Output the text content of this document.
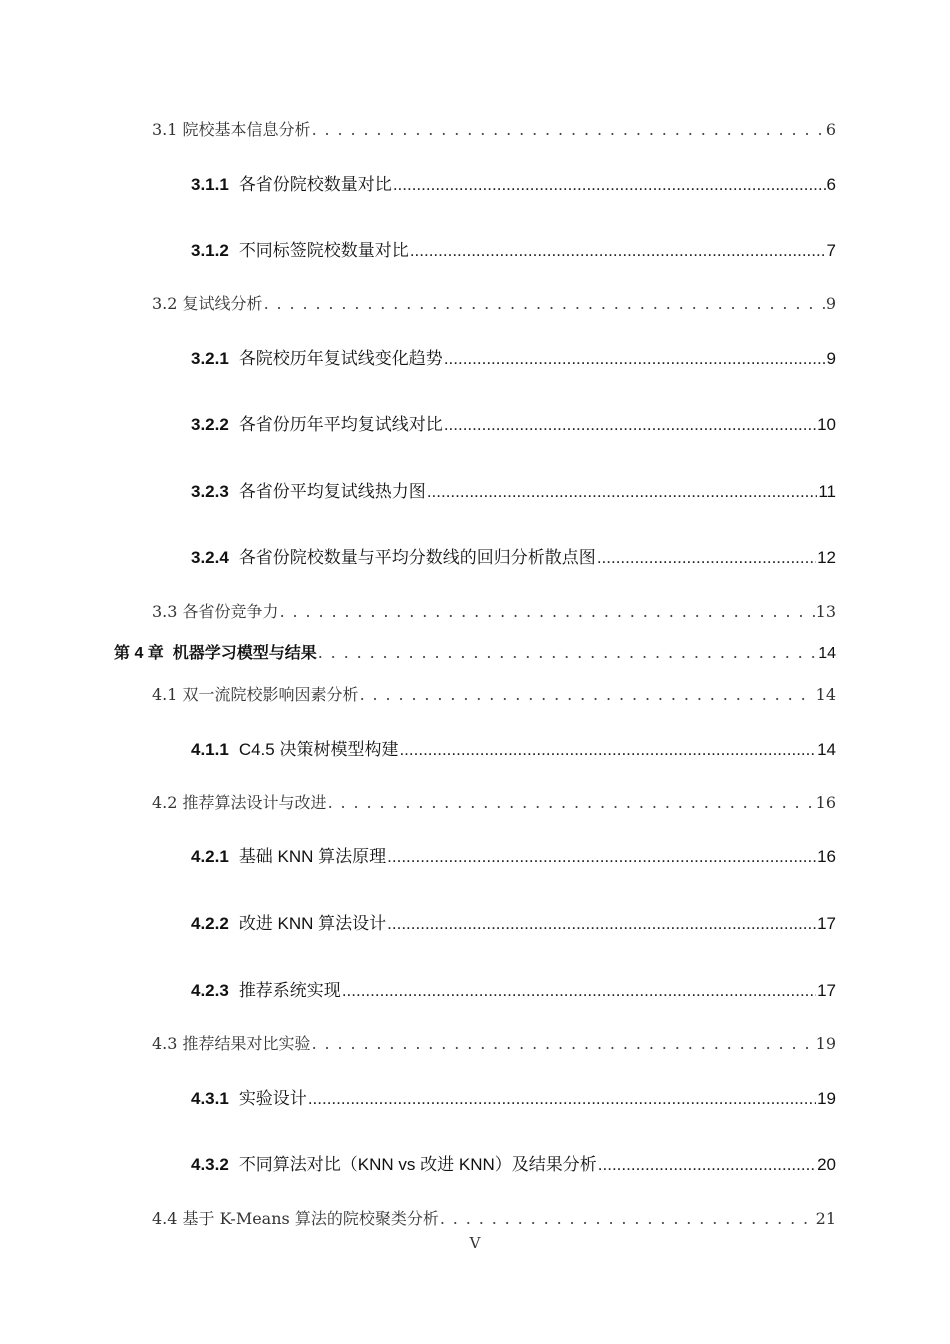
3.1 院校基本信息分析 . . .	6
3.1.1 各省份院校数量对比 .....	6
3.1.2 不同标签院校数量对比 .....	7
3.2 复试线分析 . . .	9
3.2.1 各院校历年复试线变化趋势 .....	9
3.2.2 各省份历年平均复试线对比 .....	10
3.2.3 各省份平均复试线热力图 .....	11
3.2.4 各省份院校数量与平均分数线的回归分析散点图 .....	12
3.3 各省份竞争力 . . .	13
第 4 章 机器学习模型与结果 . . .	14
4.1 双一流院校影响因素分析 . . .	14
4.1.1 C4.5 决策树模型构建 .....	14
4.2 推荐算法设计与改进 . . .	16
4.2.1 基础 KNN 算法原理 .....	16
4.2.2 改进 KNN 算法设计 .....	17
4.2.3 推荐系统实现 .....	17
4.3 推荐结果对比实验 . . .	19
4.3.1 实验设计 .....	19
4.3.2 不同算法对比（KNN vs 改进 KNN）及结果分析 .....	20
4.4 基于 K-Means 算法的院校聚类分析 . . .	21
V
